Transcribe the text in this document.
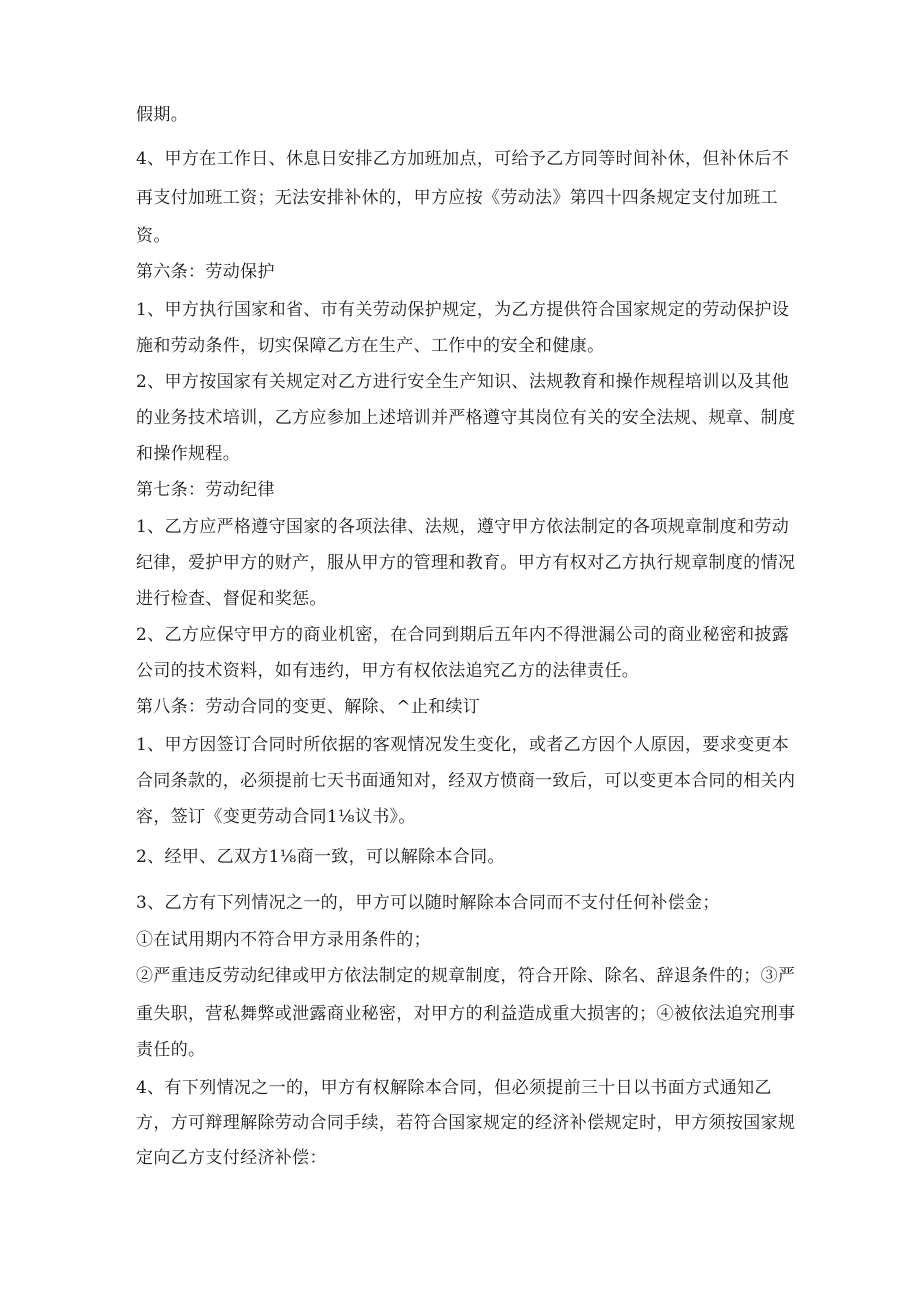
假期。
4、甲方在工作日、休息日安排乙方加班加点，可给予乙方同等时间补休，但补休后不
再支付加班工资；无法安排补休的，甲方应按《劳动法》第四十四条规定支付加班工
资。
第六条：劳动保护
1、甲方执行国家和省、市有关劳动保护规定，为乙方提供符合国家规定的劳动保护设
施和劳动条件，切实保障乙方在生产、工作中的安全和健康。
2、甲方按国家有关规定对乙方进行安全生产知识、法规教育和操作规程培训以及其他
的业务技术培训，乙方应参加上述培训并严格遵守其岗位有关的安全法规、规章、制度
和操作规程。
第七条：劳动纪律
1、乙方应严格遵守国家的各项法律、法规，遵守甲方依法制定的各项规章制度和劳动
纪律，爱护甲方的财产，服从甲方的管理和教育。甲方有权对乙方执行规章制度的情况
进行检查、督促和奖惩。
2、乙方应保守甲方的商业机密，在合同到期后五年内不得泄漏公司的商业秘密和披露
公司的技术资料，如有违约，甲方有权依法追究乙方的法律责任。
第八条：劳动合同的变更、解除、^止和续订
1、甲方因签订合同时所依据的客观情况发生变化，或者乙方因个人原因，要求变更本
合同条款的，必须提前七天书面通知对，经双方愤商一致后，可以变更本合同的相关内
容，签订《变更劳动合同1⅛议书》。
2、经甲、乙双方1⅛商一致，可以解除本合同。
3、乙方有下列情况之一的，甲方可以随时解除本合同而不支付任何补偿金；
①在试用期内不符合甲方录用条件的；
②严重违反劳动纪律或甲方依法制定的规章制度，符合开除、除名、辞退条件的；③严
重失职，营私舞弊或泄露商业秘密，对甲方的利益造成重大损害的；④被依法追究刑事
责任的。
4、有下列情况之一的，甲方有权解除本合同，但必须提前三十日以书面方式通知乙
方，方可辩理解除劳动合同手续，若符合国家规定的经济补偿规定时，甲方须按国家规
定向乙方支付经济补偿：
